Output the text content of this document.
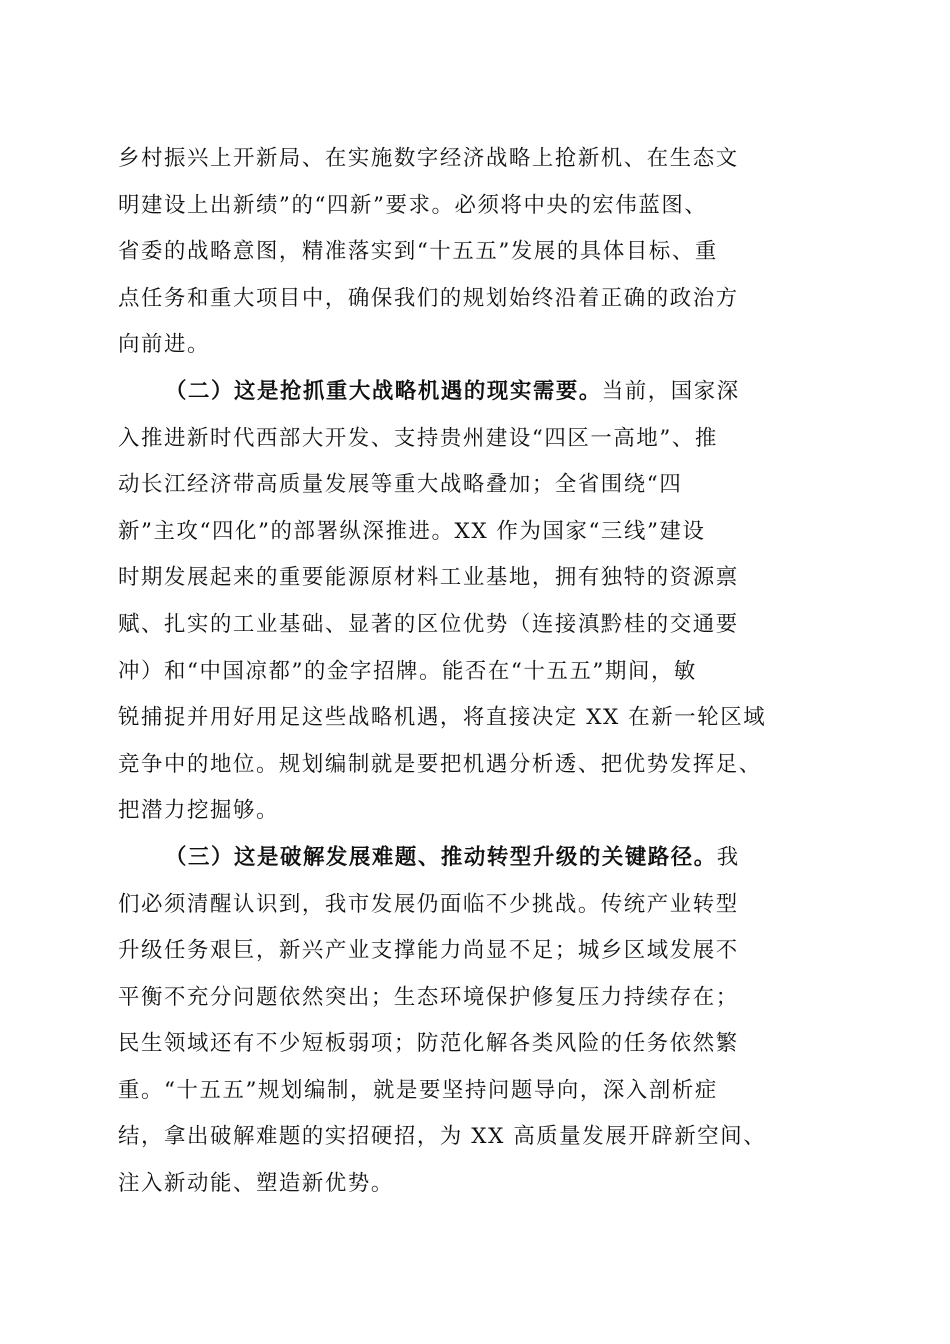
乡村振兴上开新局、在实施数字经济战略上抢新机、在生态文
明建设上出新绩”的“四新”要求。必须将中央的宏伟蓝图、
省委的战略意图，精准落实到“十五五”发展的具体目标、重
点任务和重大项目中，确保我们的规划始终沿着正确的政治方
向前进。
（二）这是抢抓重大战略机遇的现实需要。当前，国家深
入推进新时代西部大开发、支持贵州建设“四区一高地”、推
动长江经济带高质量发展等重大战略叠加；全省围绕“四
新”主攻“四化”的部署纵深推进。XX 作为国家“三线”建设
时期发展起来的重要能源原材料工业基地，拥有独特的资源禀
赋、扎实的工业基础、显著的区位优势（连接滇黔桂的交通要
冲）和“中国凉都”的金字招牌。能否在“十五五”期间，敏
锐捕捉并用好用足这些战略机遇，将直接决定 XX 在新一轮区域
竞争中的地位。规划编制就是要把机遇分析透、把优势发挥足、
把潜力挖掘够。
（三）这是破解发展难题、推动转型升级的关键路径。我
们必须清醒认识到，我市发展仍面临不少挑战。传统产业转型
升级任务艰巨，新兴产业支撑能力尚显不足；城乡区域发展不
平衡不充分问题依然突出；生态环境保护修复压力持续存在；
民生领域还有不少短板弱项；防范化解各类风险的任务依然繁
重。“十五五”规划编制，就是要坚持问题导向，深入剖析症
结，拿出破解难题的实招硬招，为 XX 高质量发展开辟新空间、
注入新动能、塑造新优势。
